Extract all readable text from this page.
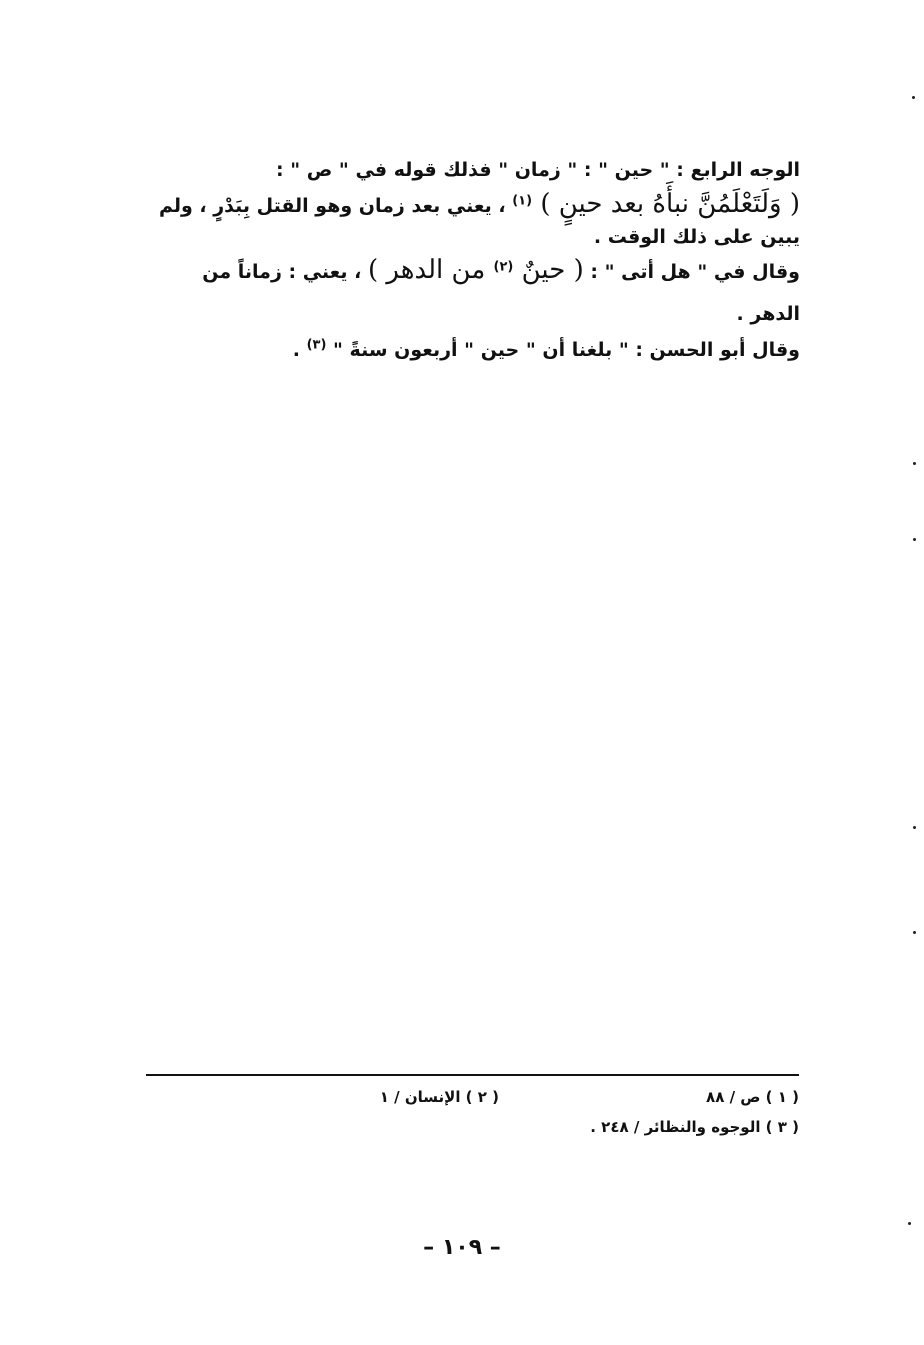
الوجه الرابع : " حين " : " زمان " فذلك قوله في " ص " :
( وَلَتَعْلَمُنَّ نبأَهُ بعد حينٍ ) $^{(١)}$ ، يعني بعد زمان وهو القتل بِبَدْرٍ ، ولم
يبين على ذلك الوقت .
وقال في " هل أتى " : ( حينٌ $^{(٢)}$ من الدهر ) ، يعني : زماناً من
الدهر .
وقال أبو الحسن : " بلغنا أن " حين " أربعون سنةً " $^{(٣)}$ .
( ١ ) ص / ٨٨
( ٢ ) الإنسان / ١
( ٣ ) الوجوه والنظائر / ٢٤٨ .
– ١٠٩ –
